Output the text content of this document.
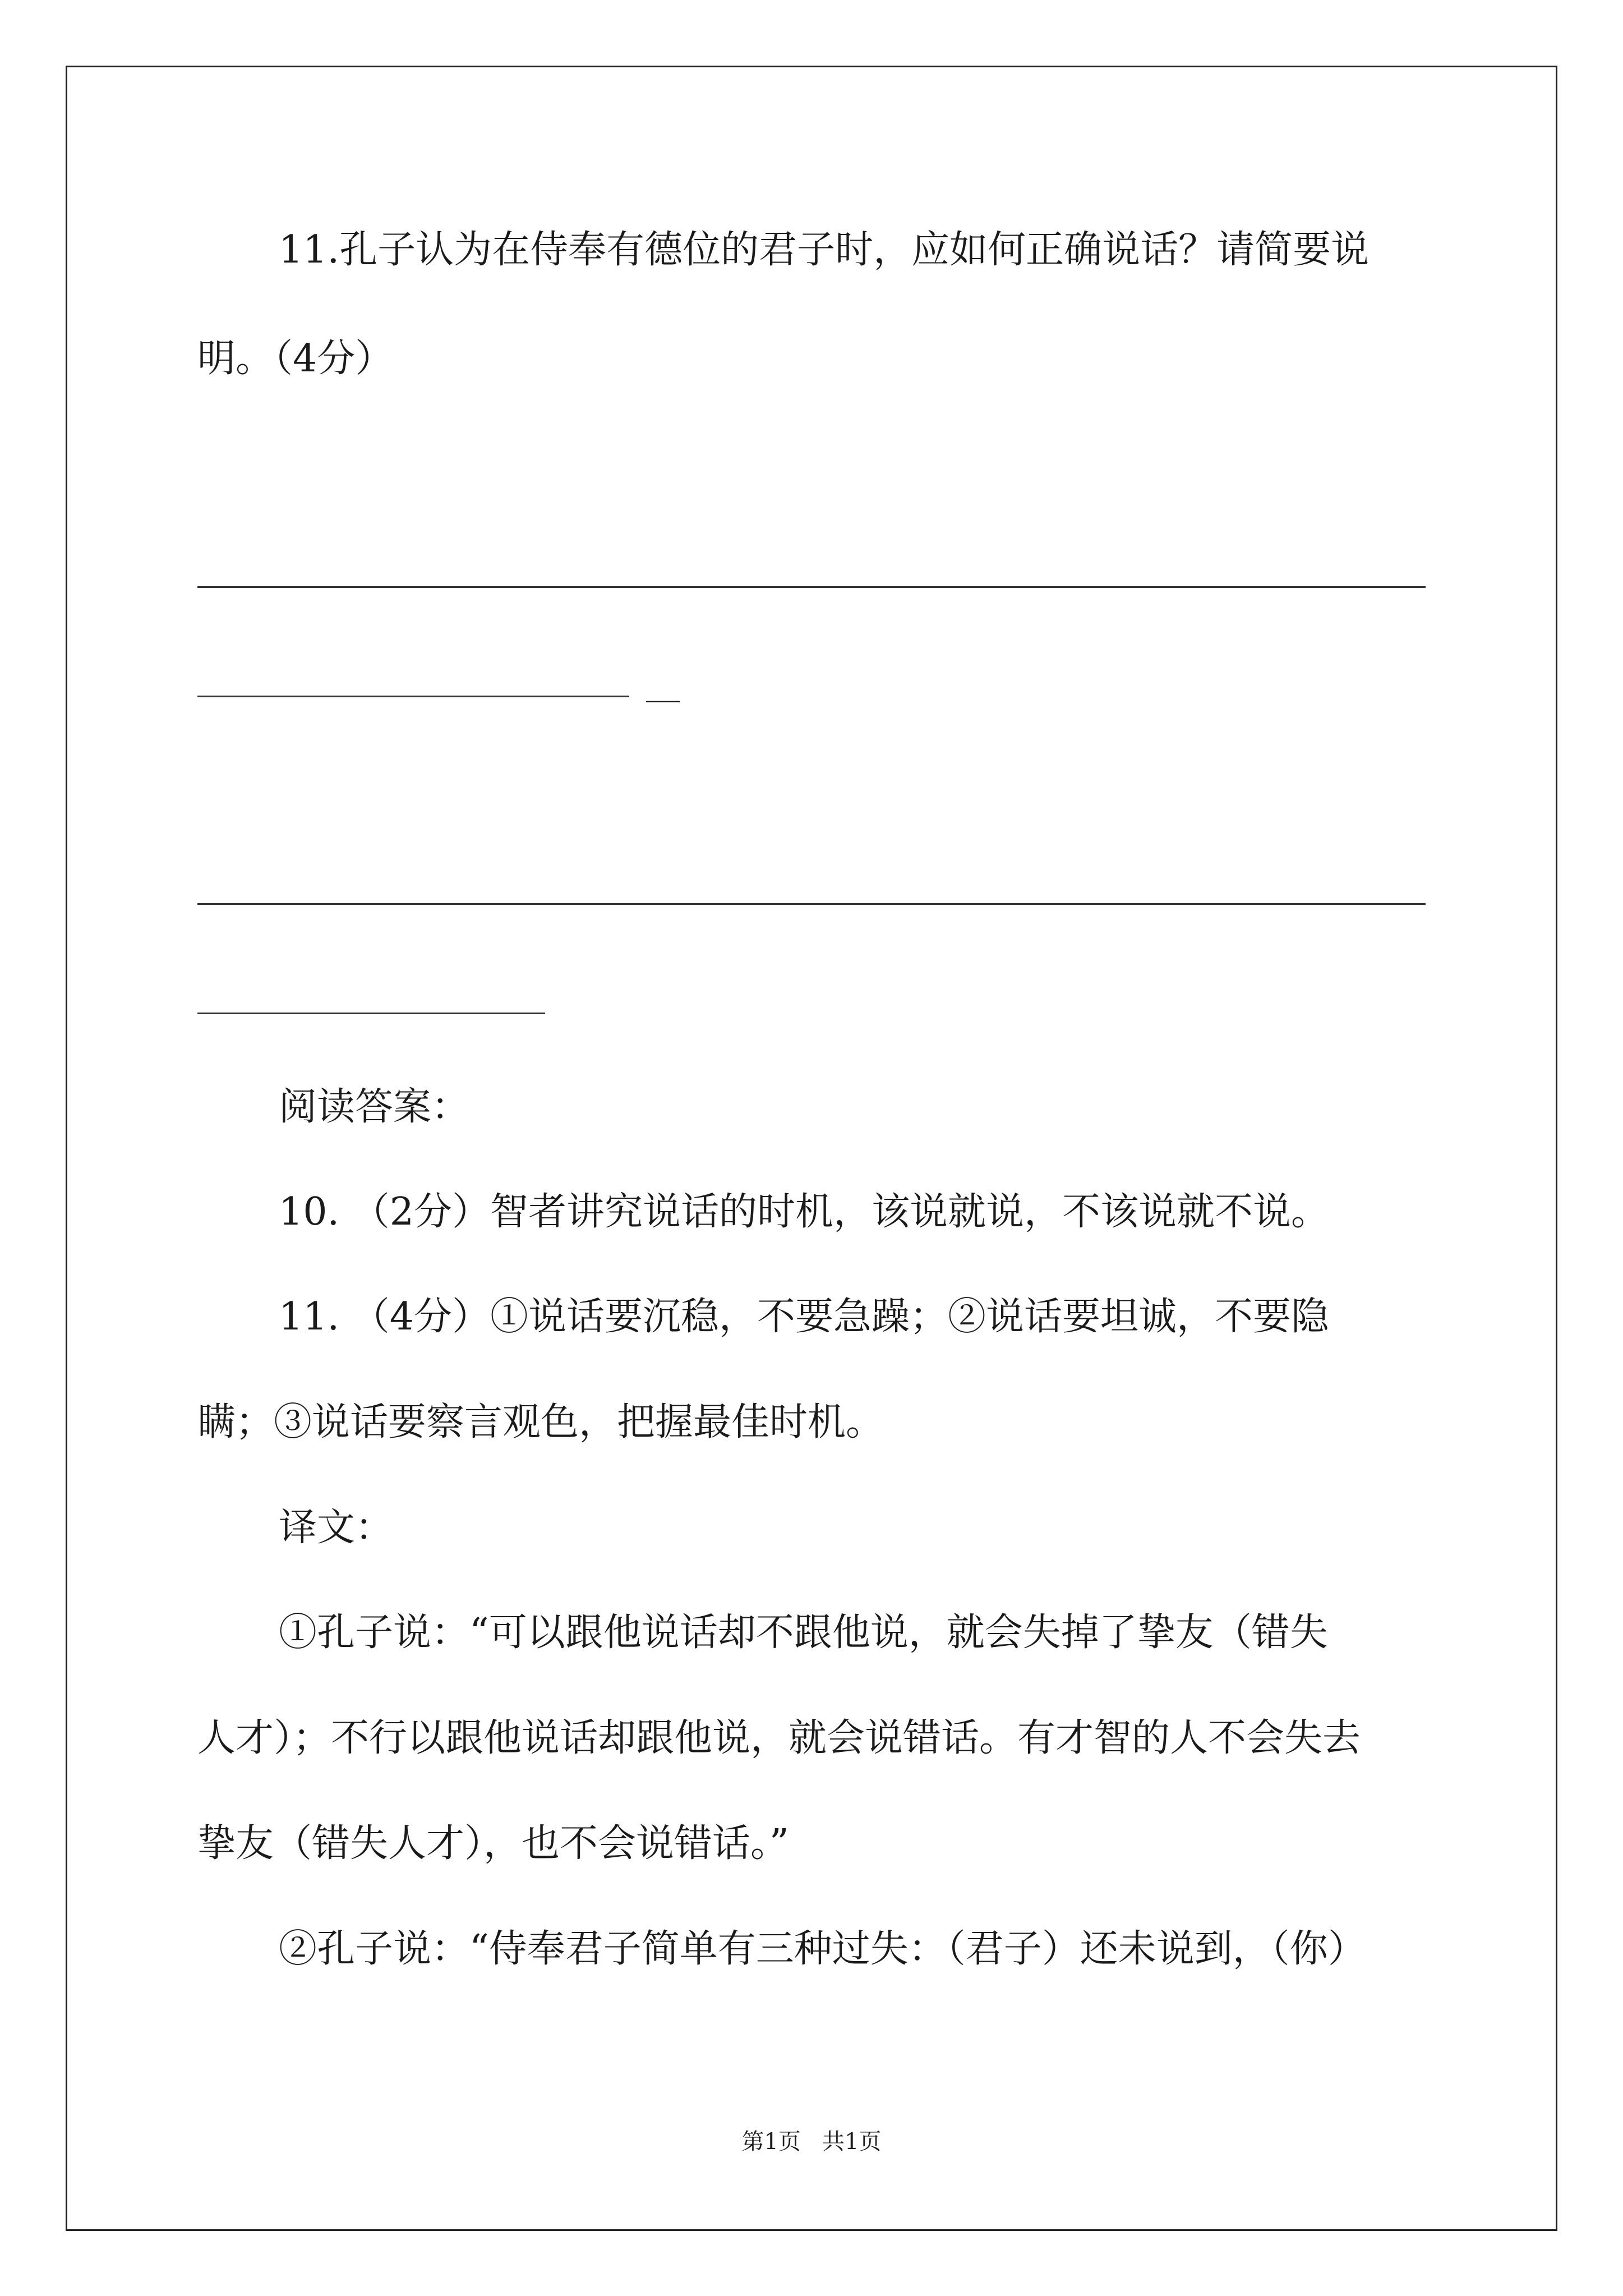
11.孔子认为在侍奉有德位的君子时，应如何正确说话？请简要说
明。（4分）
__
阅读答案：
10. （2分）智者讲究说话的时机，该说就说，不该说就不说。
11. （4分）①说话要沉稳，不要急躁；②说话要坦诚，不要隐
瞒；③说话要察言观色，把握最佳时机。
译文：
①孔子说：“可以跟他说话却不跟他说，就会失掉了挚友（错失
人才）；不行以跟他说话却跟他说，就会说错话。有才智的人不会失去
挚友（错失人才），也不会说错话。”
②孔子说：“侍奉君子简单有三种过失：（君子）还未说到，（你）
第1页   共1页
